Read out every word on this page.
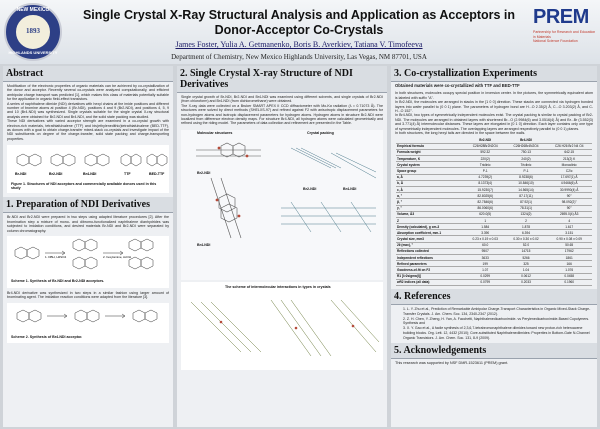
NEW MEXICO
1893
HIGHLANDS UNIVERSITY
Single Crystal X-Ray Structural Analysis and Application as Acceptors in Donor-Acceptor Co-Crystals
James Foster, Yulia A. Getmanenko, Boris B. Averkiev, Tatiana V. Timofeeva
Department of Chemistry, New Mexico Highlands University, Las Vegas, NM 87701, USA
PREM
Partnership for Research and Education in Materials
National Science Foundation
Abstract

Modification of the electronic properties of organic materials can be achieved by co-crystallization of the donor and acceptor. Recently several co-crystals were analyzed computationally, and efficient ambipolar charge transport was predicted [1], which makes this class of materials potentially suitable for the application in organic field-effect transistors.

A series of naphthalene diimide (NDI) derivatives with hexyl chains at the imide positions and different number of bromine atoms at position 4 (Br-NDI), positions 4 and 9 (Br2-NDI), and positions 4, 5, 9 and 10 (Br4-NDI) was synthesized. Single crystals suitable for the single crystal X-ray structural analysis were obtained for Br2-NDI and Br4-NDI, and the solid state packing was studied.

These NDI derivatives with varied acceptor strength are examined in a co-crystal growth with electron-rich materials, tetrathiafulvalene (TTF) and bis(ethylenedithio)tetrathiafulvalene (BED-TTF), as donors with a goal to obtain charge-transfer mixed-stack co-crystals and investigate impact of the NDI substituents on degree of the charge-transfer, solid state packing and charge-transporting properties.

Br-NDI	Br2-NDI	Br4-NDI	TTF	BED-TTF
Figure 1. Structures of NDI acceptors and commercially available donors used in this study
1. Preparation of NDI Derivatives
Br-NDI and Br2-NDI were prepared in two steps using adapted literature procedures [2]. After the bromination step a mixture of mono- and dibromo-functionalized naphthalene dianhydrides was subjected to imidation conditions, and desired materials Br-NDI and Br2-NDI were separated by column chromatography.
1. DBH, H2SO4	2. hexylamine, AcOH
Scheme 1. Synthesis of Br-NDI and Br2-NDI acceptors.
Br4-NDI derivative was synthesized in two steps in a similar fashion using larger amount of brominating agent. The imidation reaction conditions were adapted from the literature [3].
Scheme 2. Synthesis of Br4-NDI acceptor.
2. Single Crystal X-ray Structure of NDI Derivatives

Single crystal growth of Br-NDI, Br2-NDI and Br4-NDI was examined using different solvents, and single crystals of Br2-NDI (from chloroform) and Br4-NDI (from dichloromethane) were obtained.

The X-ray data were collected on a Bruker SMART APEX II CCD diffractometer with Mo-Kα radiation (λ = 0.71073 Å). The structures were solved by direct methods (SHELXS-97) and refined against F2 with anisotropic displacement parameters for non-hydrogen atoms and isotropic displacement parameters for hydrogen atoms. Hydrogen atoms in structure Br2-NDI were localized from difference electron density maps. For structure Br4-NDI, all hydrogen atoms were calculated geometrically and refined using the riding model. The parameters of data collection and refinement are presented in the Table.

Molecular structures	Crystal packing
Br2-NDI
Br4-NDI
Br2-NDI	Br4-NDI
The scheme of intermolecular interactions in types in crystals
3. Co-crystallization Experiments

Obtained materials were co-crystallized with TTF and BED-TTF

In both structures, molecules occupy special position in inversion center. In the pictures, the symmetrically equivalent atom is labeled with suffix "A".

In Br2-NDI, the molecules are arranged in stacks in the [1 0 0] direction. These stacks are connected via hydrogen bonded layers into wafer parallel to (0 0 1) plane. The parameters of hydrogen bond are H...O 2.35(2) Å, C...O 3.203(2) Å, and C-H...O 152°.

In Br4-NDI, two types of symmetrically independent molecules exist. The crystal packing is similar to crystal packing of Br2-NDI. The molecules are arranged in obtained layers with shortened Br...O (2.9984(6) and 3.0516(4) Å) and Br...Br (3.552(3) and 3.771(4) Å) intermolecular distances. These layers are elongated in [0 1 0] direction. Each layer contains only one type of symmetrically independent molecules. The overlapping layers are arranged respectively parallel to (0 0 1) planes.

In both structures, the long hexyl tails are directed in the space between the walls.

	Br2-NDI	Br4-NDI	
Empirical formula	C26H28Br2N2O4	C26H26Br4N2O4	C26 H26 Br2 N4 O4
Formula weight	592.32	750.13	642.15
Temperature, K	220(2)	240(2)	213(2) K
Crystal system	Triclinic	Triclinic	Monoclinic
Space group	P-1	P-1	C2/c
a, Å	4.7239(2)	8.9238(6)	17.697(1) Å
b, Å	8.1373(4)	10.846(10)	4.9466(6) Å
c, Å	15.9230(7)	14.565(14)	30.9990(4) Å
α, °	82.8025(6)	87.17(11)	90°
β, °	82.7846(6)	87.92(1)	98.092(2)°
γ, °	86.0060(6)	78.31(1)	90°
Volume, Å3	620.0(5)	1324(2)	2695.0(4) Å3
Z	1	2	4
Density (calculated), g cm-3	1.584	1.878	1.617
Absorption coefficient, mm-1	3.390	6.394	3.151
Crystal size, mm3	0.23 x 0.19 x 0.03	0.30 x 0.30 x 0.02	0.90 x 0.08 x 0.09
2θ (max), °	60.0	52.0	50.65
Reflections collected	9507	14715	17962
Independent reflections	3633	5266	1861
Refined parameters	199	325	166
Goodness-of-fit on F2	1.07	1.04	1.076
R1 [I>2sigma(I)]	0.0299	0.0612	0.0458
wR2 indices (all data)	0.0799	0.2033	0.1960
4. References
1. L. Y. Zhu et al., Prediction of Remarkable Ambipolar Charge-Transport Characteristics in Organic Mixed-Stack Charge-Transfer Crystals. J. Am. Chem. Soc. 134, 2340-2347 (2012).
2. Z. H. Chen, Y. Zheng, H. Yan, A. Facchetti, Naphthalenedicarboximide- vs Perylenedicarboximide-Based Copolymers. Synthesis and
3. X. Y. Gao et al., A facile synthesis of 2,3,6,7-tetrabromonaphthalene diimides toward new proton-rich heteroacene building blocks. Org. Lett. 12, 4432 (2010); Core-substituted Naphthalenediimides: Properties in Bottom-Gate N-Channel Organic Transistors. J. Am. Chem. Soc. 131, 8-9 (2009).
5. Acknowledgements
This research was supported by NSF DMR-1523611 (PREM) grant.
